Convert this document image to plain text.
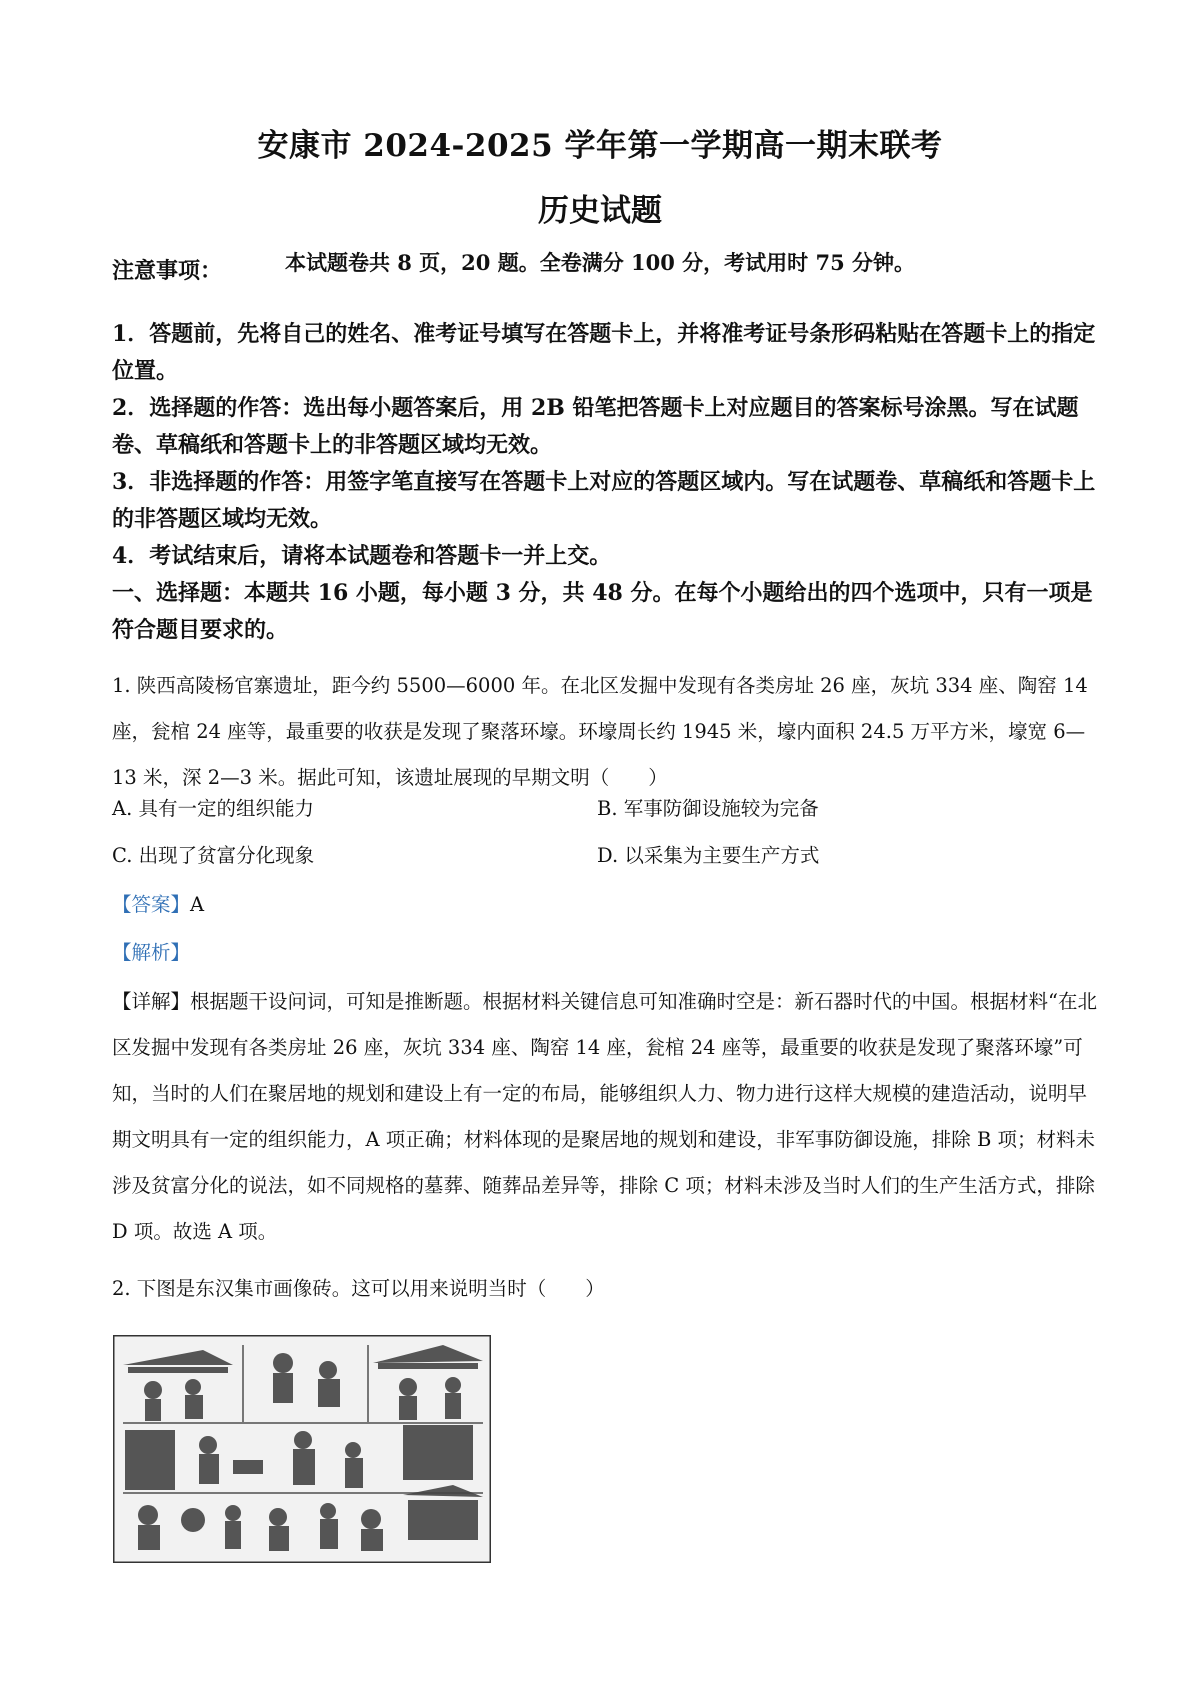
安康市 2024-2025 学年第一学期高一期末联考
历史试题
本试题卷共 8 页，20 题。全卷满分 100 分，考试用时 75 分钟。
注意事项：
1．答题前，先将自己的姓名、准考证号填写在答题卡上，并将准考证号条形码粘贴在答题卡上的指定位置。
2．选择题的作答：选出每小题答案后，用 2B 铅笔把答题卡上对应题目的答案标号涂黑。写在试题卷、草稿纸和答题卡上的非答题区域均无效。
3．非选择题的作答：用签字笔直接写在答题卡上对应的答题区域内。写在试题卷、草稿纸和答题卡上的非答题区域均无效。
4．考试结束后，请将本试题卷和答题卡一并上交。
一、选择题：本题共 16 小题，每小题 3 分，共 48 分。在每个小题给出的四个选项中，只有一项是符合题目要求的。
1. 陕西高陵杨官寨遗址，距今约 5500—6000 年。在北区发掘中发现有各类房址 26 座，灰坑 334 座、陶窑 14 座，瓮棺 24 座等，最重要的收获是发现了聚落环壕。环壕周长约 1945 米，壕内面积 24.5 万平方米，壕宽 6—13 米，深 2—3 米。据此可知，该遗址展现的早期文明（　　）
A. 具有一定的组织能力	B. 军事防御设施较为完备
C. 出现了贫富分化现象	D. 以采集为主要生产方式
【答案】A
【解析】
【详解】根据题干设问词，可知是推断题。根据材料关键信息可知准确时空是：新石器时代的中国。根据材料“在北区发掘中发现有各类房址 26 座，灰坑 334 座、陶窑 14 座，瓮棺 24 座等，最重要的收获是发现了聚落环壕”可知，当时的人们在聚居地的规划和建设上有一定的布局，能够组织人力、物力进行这样大规模的建造活动，说明早期文明具有一定的组织能力，A 项正确；材料体现的是聚居地的规划和建设，非军事防御设施，排除 B 项；材料未涉及贫富分化的说法，如不同规格的墓葬、随葬品差异等，排除 C 项；材料未涉及当时人们的生产生活方式，排除 D 项。故选 A 项。
2. 下图是东汉集市画像砖。这可以用来说明当时（　　）
